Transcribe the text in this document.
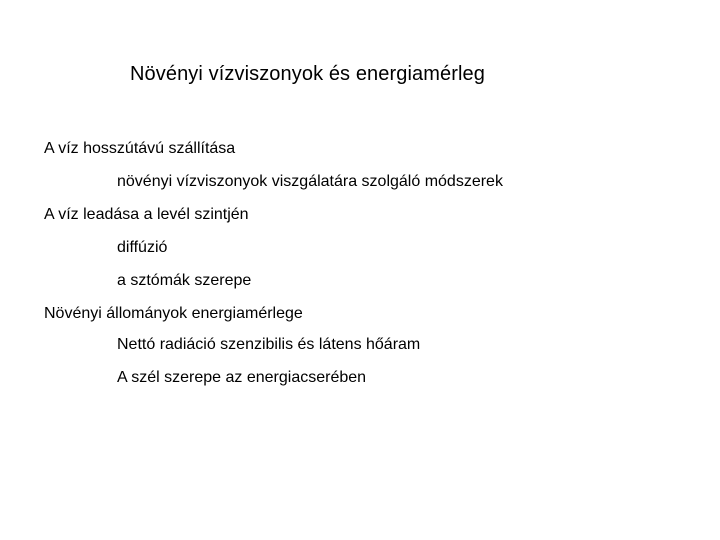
Növényi vízviszonyok és energiamérleg
A víz hosszútávú szállítása
növényi vízviszonyok viszgálatára szolgáló módszerek
A víz leadása a levél szintjén
diffúzió
a sztómák szerepe
Növényi állományok energiamérlege
Nettó radiáció szenzibilis és látens hőáram
A szél szerepe az energiacserében
